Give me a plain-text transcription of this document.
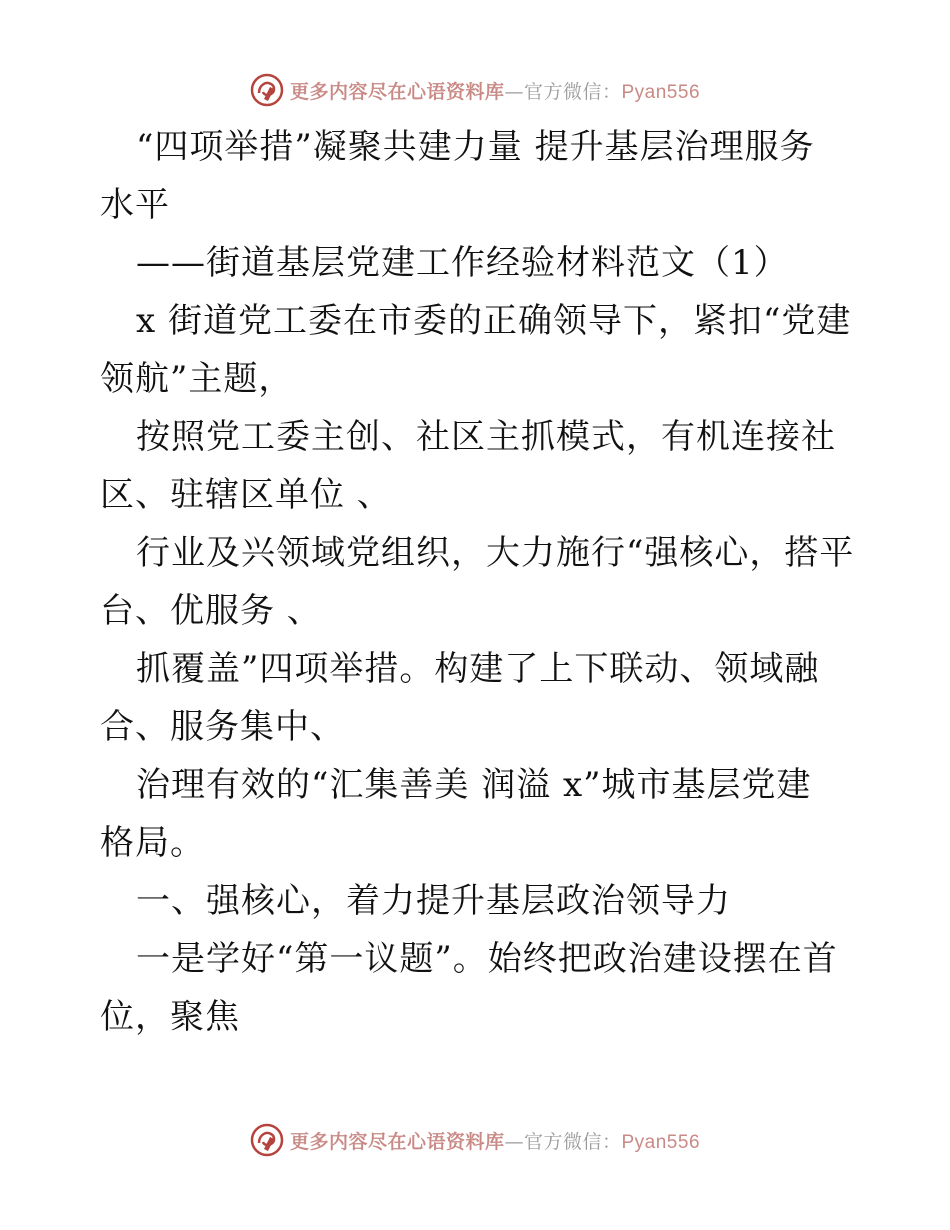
更多内容尽在心语资料库—官方微信：Pyan556
“四项举措”凝聚共建力量 提升基层治理服务
水平
——街道基层党建工作经验材料范文（1）
x 街道党工委在市委的正确领导下，紧扣“党建
领航”主题，
按照党工委主创、社区主抓模式，有机连接社
区、驻辖区单位 、
行业及兴领域党组织，大力施行“强核心，搭平
台、优服务 、
抓覆盖”四项举措。构建了上下联动、领域融
合、服务集中、
治理有效的“汇集善美 润溢 x”城市基层党建
格局。
一、强核心，着力提升基层政治领导力
一是学好“第一议题”。始终把政治建设摆在首
位，聚焦
更多内容尽在心语资料库—官方微信：Pyan556
